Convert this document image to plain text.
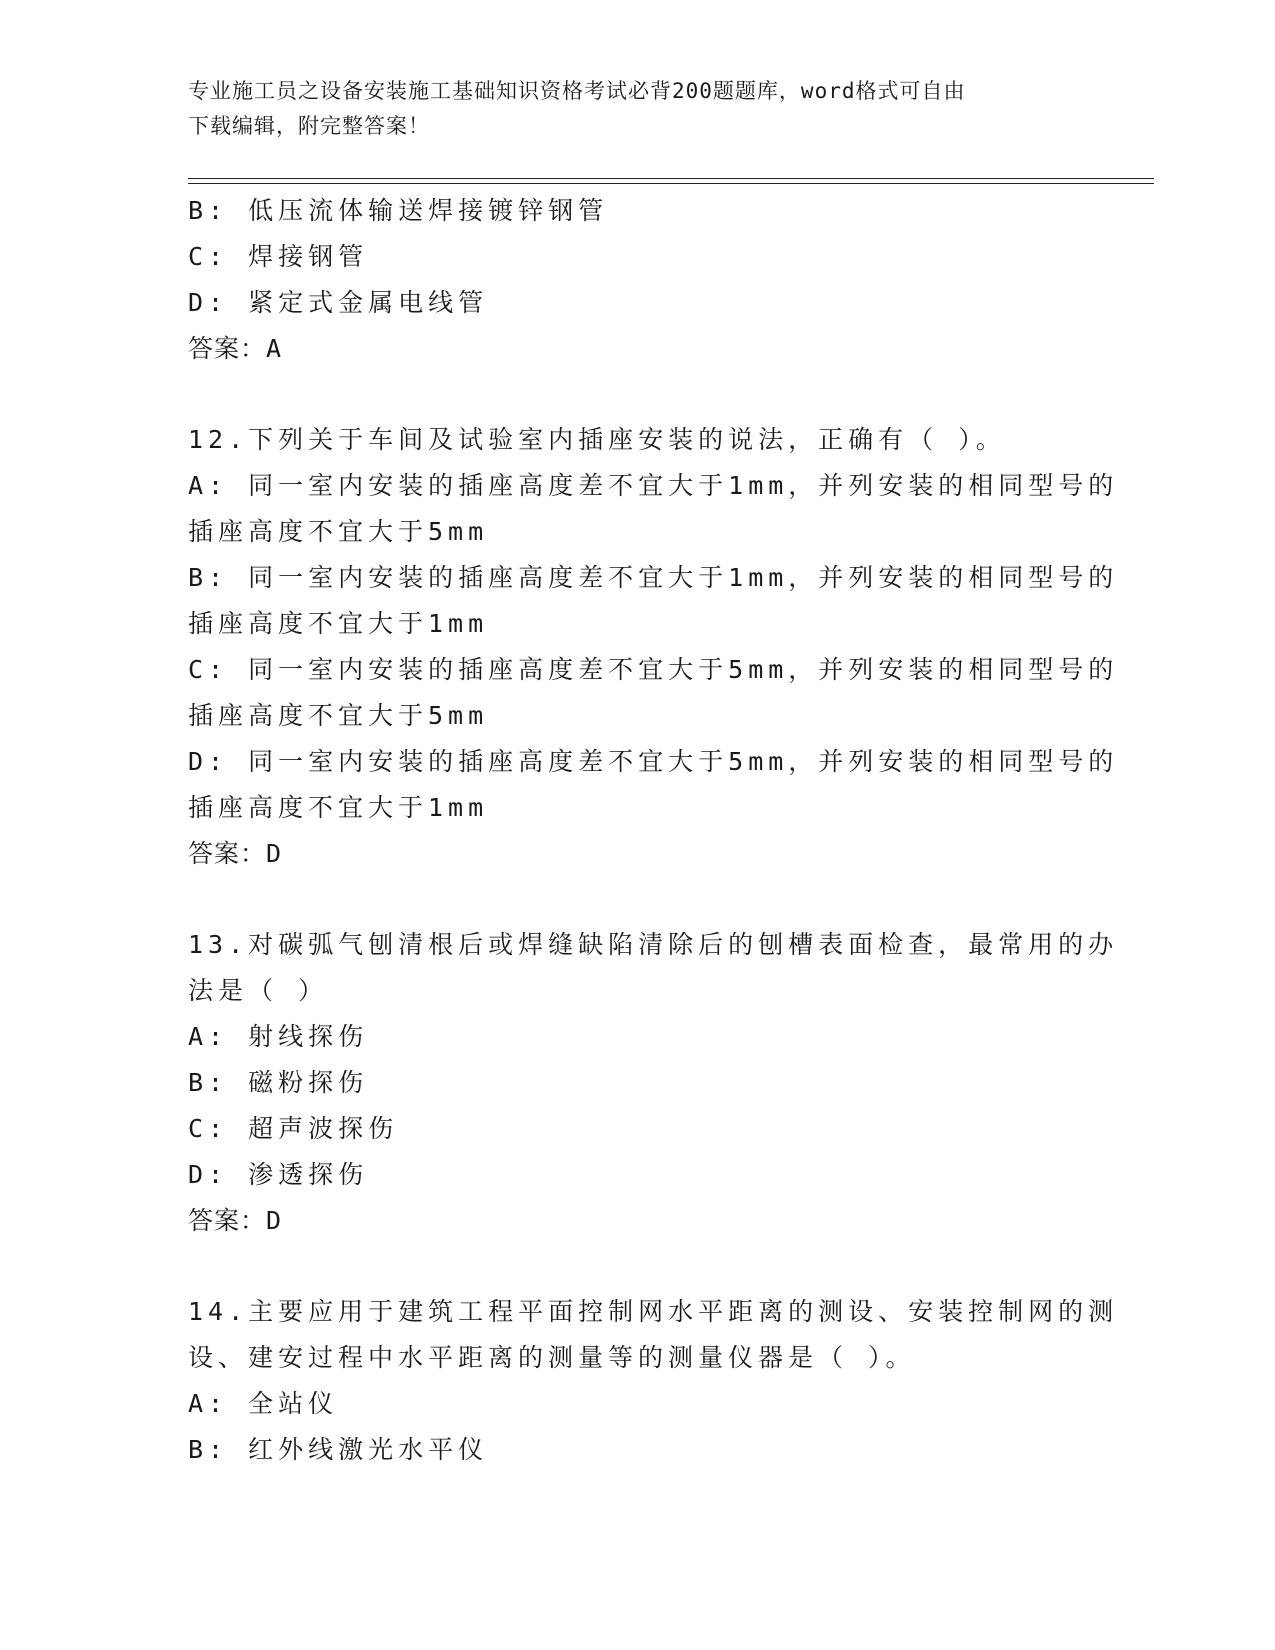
专业施工员之设备安装施工基础知识资格考试必背200题题库，word格式可自由
下载编辑，附完整答案！
B: 低压流体输送焊接镀锌钢管
C: 焊接钢管
D: 紧定式金属电线管
答案：A
12.下列关于车间及试验室内插座安装的说法，正确有（ ）。
A: 同一室内安装的插座高度差不宜大于1mm，并列安装的相同型号的
插座高度不宜大于5mm
B: 同一室内安装的插座高度差不宜大于1mm，并列安装的相同型号的
插座高度不宜大于1mm
C: 同一室内安装的插座高度差不宜大于5mm，并列安装的相同型号的
插座高度不宜大于5mm
D: 同一室内安装的插座高度差不宜大于5mm，并列安装的相同型号的
插座高度不宜大于1mm
答案：D
13.对碳弧气刨清根后或焊缝缺陷清除后的刨槽表面检查，最常用的办
法是（ ）
A: 射线探伤
B: 磁粉探伤
C: 超声波探伤
D: 渗透探伤
答案：D
14.主要应用于建筑工程平面控制网水平距离的测设、安装控制网的测
设、建安过程中水平距离的测量等的测量仪器是（ ）。
A: 全站仪
B: 红外线激光水平仪
